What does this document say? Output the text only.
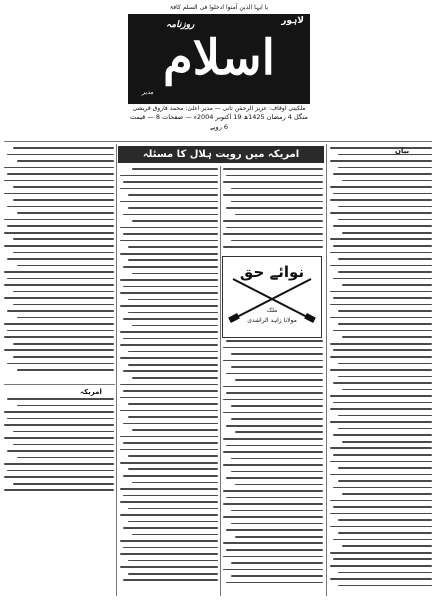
یا ایہا الذین آمنوا ادخلوا فی السلم کافۃ
لاہور
روزنامہ
اسلام
مدیر
ملکیتی اوقاف: عزیز الرحمٰن ثانی — مدیر اعلیٰ: محمد فاروق قریشی
منگل 4 رمضان 1425ھ 19 اکتوبر 2004ء — صفحات 8 — قیمت 6 روپے
امریکہ میں رویت ہلال کا مسئلہ
امریکہ
بیان
نوائے حق
ملک
مولانا زاہد الراشدی
